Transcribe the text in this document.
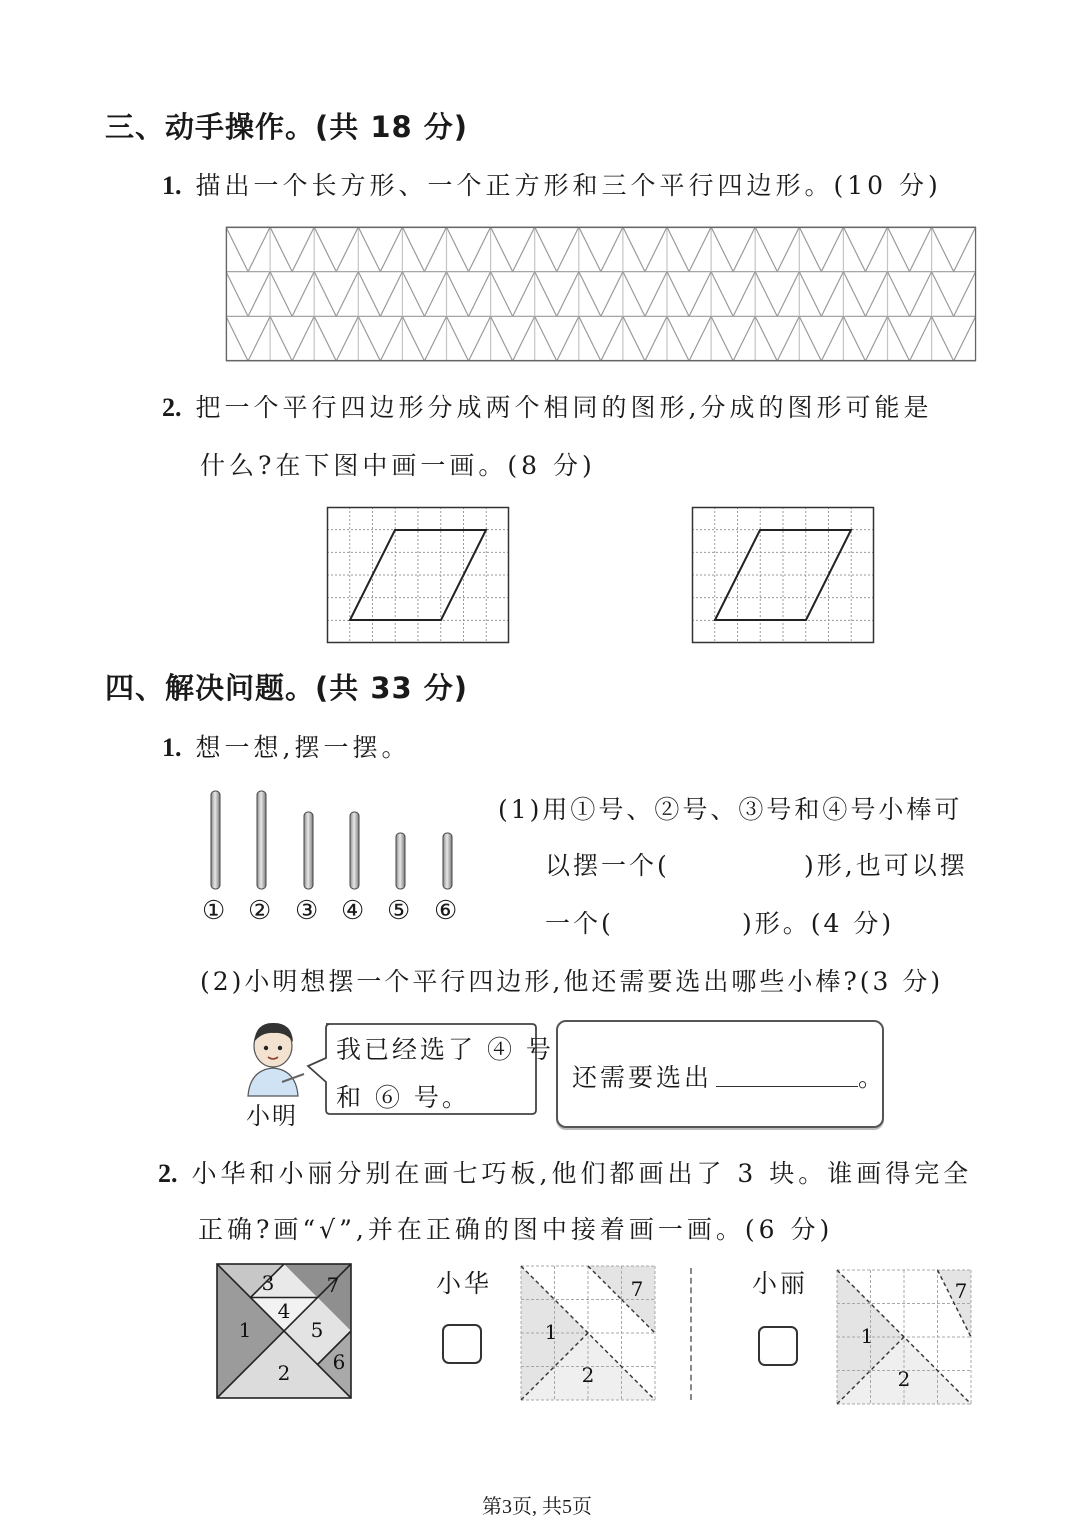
三、动手操作。(共 18 分)
1. 描出一个长方形、一个正方形和三个平行四边形。(10 分)
2. 把一个平行四边形分成两个相同的图形,分成的图形可能是
什么?在下图中画一画。(8 分)
四、解决问题。(共 33 分)
1. 想一想,摆一摆。
① ② ③ ④ ⑤ ⑥
(1)用①号、②号、③号和④号小棒可
以摆一个(	)形,也可以摆
一个(	)形。(4 分)
(2)小明想摆一个平行四边形,他还需要选出哪些小棒?(3 分)
小明
我已经选了 ④ 号
和 ⑥ 号。
还需要选出	。
2. 小华和小丽分别在画七巧板,他们都画出了 3 块。谁画得完全
正确?画“√”,并在正确的图中接着画一画。(6 分)
3	7
4
1	5
6
2
小华	7
1
2
小丽	7
1
2
第3页, 共5页
